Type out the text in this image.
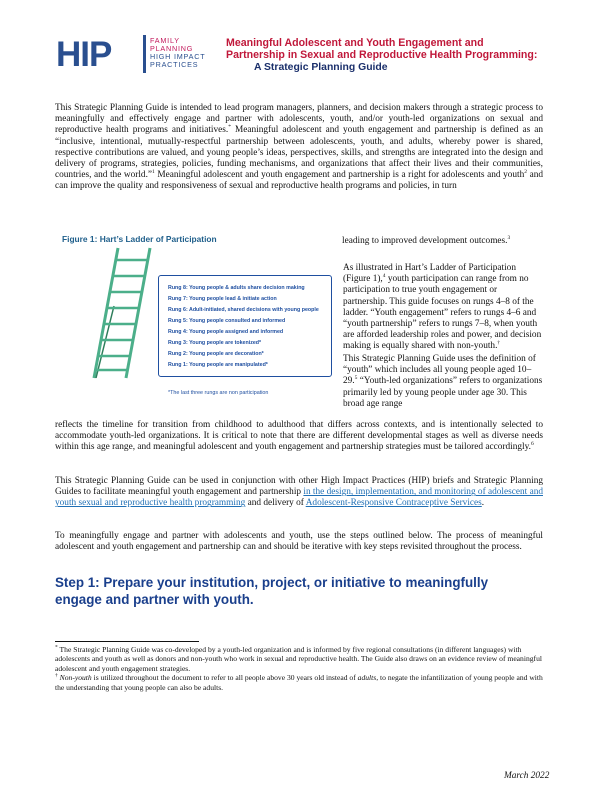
HIP	FAMILY
PLANNING
HIGH IMPACT
PRACTICES
Meaningful Adolescent and Youth Engagement and
Partnership in Sexual and Reproductive Health Programming:
A Strategic Planning Guide

This Strategic Planning Guide is intended to lead program managers, planners, and decision makers through a strategic process to meaningfully and effectively engage and partner with adolescents, youth, and/or youth-led organizations on sexual and reproductive health programs and initiatives.* Meaningful adolescent and youth engagement and partnership is defined as an “inclusive, intentional, mutually-respectful partnership between adolescents, youth, and adults, whereby power is shared, respective contributions are valued, and young people’s ideas, perspectives, skills, and strengths are integrated into the design and delivery of programs, strategies, policies, funding mechanisms, and organizations that affect their lives and their communities, countries, and the world.”$^1$ Meaningful adolescent and youth engagement and partnership is a right for adolescents and youth$^2$ and can improve the quality and responsiveness of sexual and reproductive health programs and policies, in turn

leading to improved development outcomes.$^3$

Figure 1: Hart’s Ladder of Participation
Rung 8: Young people & adults share decision making
Rung 7: Young people lead & initiate action
Rung 6: Adult-initiated, shared decisions with young people
Rung 5: Young people consulted and informed
Rung 4: Young people assigned and informed
Rung 3: Young people are tokenized*
Rung 2: Young people are decoration*
Rung 1: Young people are manipulated*
*The last three rungs are non participation

As illustrated in Hart’s Ladder of Participation (Figure 1),$^4$ youth participation can range from no participation to true youth engagement or partnership. This guide focuses on rungs 4–8 of the ladder. “Youth engagement” refers to rungs 4–6 and “youth partnership” refers to rungs 7–8, when youth are afforded leadership roles and power, and decision making is equally shared with non-youth.†

This Strategic Planning Guide uses the definition of “youth” which includes all young people aged 10–29.$^5$ “Youth-led organizations” refers to organizations primarily led by young people under age 30. This broad age range

reflects the timeline for transition from childhood to adulthood that differs across contexts, and is intentionally selected to accommodate youth-led organizations. It is critical to note that there are different developmental stages as well as diverse needs within this age range, and meaningful adolescent and youth engagement and partnership strategies must be tailored accordingly.$^6$

This Strategic Planning Guide can be used in conjunction with other High Impact Practices (HIP) briefs and Strategic Planning Guides to facilitate meaningful youth engagement and partnership in the design, implementation, and monitoring of adolescent and youth sexual and reproductive health programming and delivery of Adolescent-Responsive Contraceptive Services.

To meaningfully engage and partner with adolescents and youth, use the steps outlined below. The process of meaningful adolescent and youth engagement and partnership can and should be iterative with key steps revisited throughout the process.

Step 1: Prepare your institution, project, or initiative to meaningfully engage and partner with youth.

* The Strategic Planning Guide was co-developed by a youth-led organization and is informed by five regional consultations (in different languages) with adolescents and youth as well as donors and non-youth who work in sexual and reproductive health. The Guide also draws on an evidence review of meaningful adolescent and youth engagement strategies.

† Non-youth is utilized throughout the document to refer to all people above 30 years old instead of adults, to negate the infantilization of young people and with the understanding that young people can also be adults.

March 2022
